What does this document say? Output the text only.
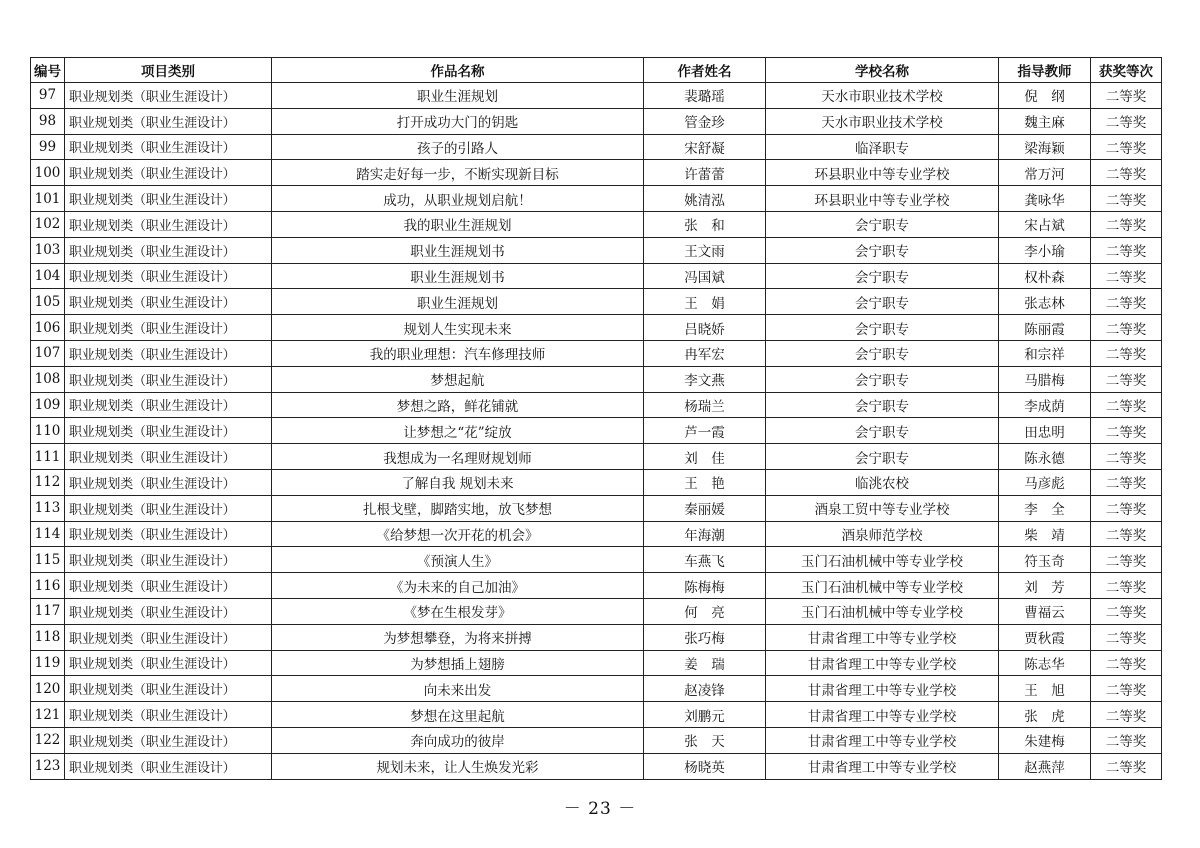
编号	项目类别	作品名称	作者姓名	学校名称	指导教师	获奖等次
97	职业规划类（职业生涯设计）	职业生涯规划	裴璐瑶	天水市职业技术学校	倪　纲	二等奖
98	职业规划类（职业生涯设计）	打开成功大门的钥匙	管金珍	天水市职业技术学校	魏主麻	二等奖
99	职业规划类（职业生涯设计）	孩子的引路人	宋舒凝	临泽职专	梁海颖	二等奖
100	职业规划类（职业生涯设计）	踏实走好每一步，不断实现新目标	许蕾蕾	环县职业中等专业学校	常万河	二等奖
101	职业规划类（职业生涯设计）	成功，从职业规划启航！	姚清泓	环县职业中等专业学校	龚咏华	二等奖
102	职业规划类（职业生涯设计）	我的职业生涯规划	张　和	会宁职专	宋占斌	二等奖
103	职业规划类（职业生涯设计）	职业生涯规划书	王文雨	会宁职专	李小瑜	二等奖
104	职业规划类（职业生涯设计）	职业生涯规划书	冯国斌	会宁职专	权朴森	二等奖
105	职业规划类（职业生涯设计）	职业生涯规划	王　娟	会宁职专	张志林	二等奖
106	职业规划类（职业生涯设计）	规划人生实现未来	吕晓娇	会宁职专	陈丽霞	二等奖
107	职业规划类（职业生涯设计）	我的职业理想：汽车修理技师	冉军宏	会宁职专	和宗祥	二等奖
108	职业规划类（职业生涯设计）	梦想起航	李文燕	会宁职专	马腊梅	二等奖
109	职业规划类（职业生涯设计）	梦想之路，鲜花铺就	杨瑞兰	会宁职专	李成荫	二等奖
110	职业规划类（职业生涯设计）	让梦想之“花”绽放	芦一霞	会宁职专	田忠明	二等奖
111	职业规划类（职业生涯设计）	我想成为一名理财规划师	刘　佳	会宁职专	陈永德	二等奖
112	职业规划类（职业生涯设计）	了解自我 规划未来	王　艳	临洮农校	马彦彪	二等奖
113	职业规划类（职业生涯设计）	扎根戈壁，脚踏实地，放飞梦想	秦丽媛	酒泉工贸中等专业学校	李　全	二等奖
114	职业规划类（职业生涯设计）	《给梦想一次开花的机会》	年海潮	酒泉师范学校	柴　靖	二等奖
115	职业规划类（职业生涯设计）	《预演人生》	车燕飞	玉门石油机械中等专业学校	符玉奇	二等奖
116	职业规划类（职业生涯设计）	《为未来的自己加油》	陈梅梅	玉门石油机械中等专业学校	刘　芳	二等奖
117	职业规划类（职业生涯设计）	《梦在生根发芽》	何　亮	玉门石油机械中等专业学校	曹福云	二等奖
118	职业规划类（职业生涯设计）	为梦想攀登，为将来拼搏	张巧梅	甘肃省理工中等专业学校	贾秋霞	二等奖
119	职业规划类（职业生涯设计）	为梦想插上翅膀	姜　瑞	甘肃省理工中等专业学校	陈志华	二等奖
120	职业规划类（职业生涯设计）	向未来出发	赵凌锋	甘肃省理工中等专业学校	王　旭	二等奖
121	职业规划类（职业生涯设计）	梦想在这里起航	刘鹏元	甘肃省理工中等专业学校	张　虎	二等奖
122	职业规划类（职业生涯设计）	奔向成功的彼岸	张　天	甘肃省理工中等专业学校	朱建梅	二等奖
123	职业规划类（职业生涯设计）	规划未来，让人生焕发光彩	杨晓英	甘肃省理工中等专业学校	赵燕萍	二等奖
－ 23 －
